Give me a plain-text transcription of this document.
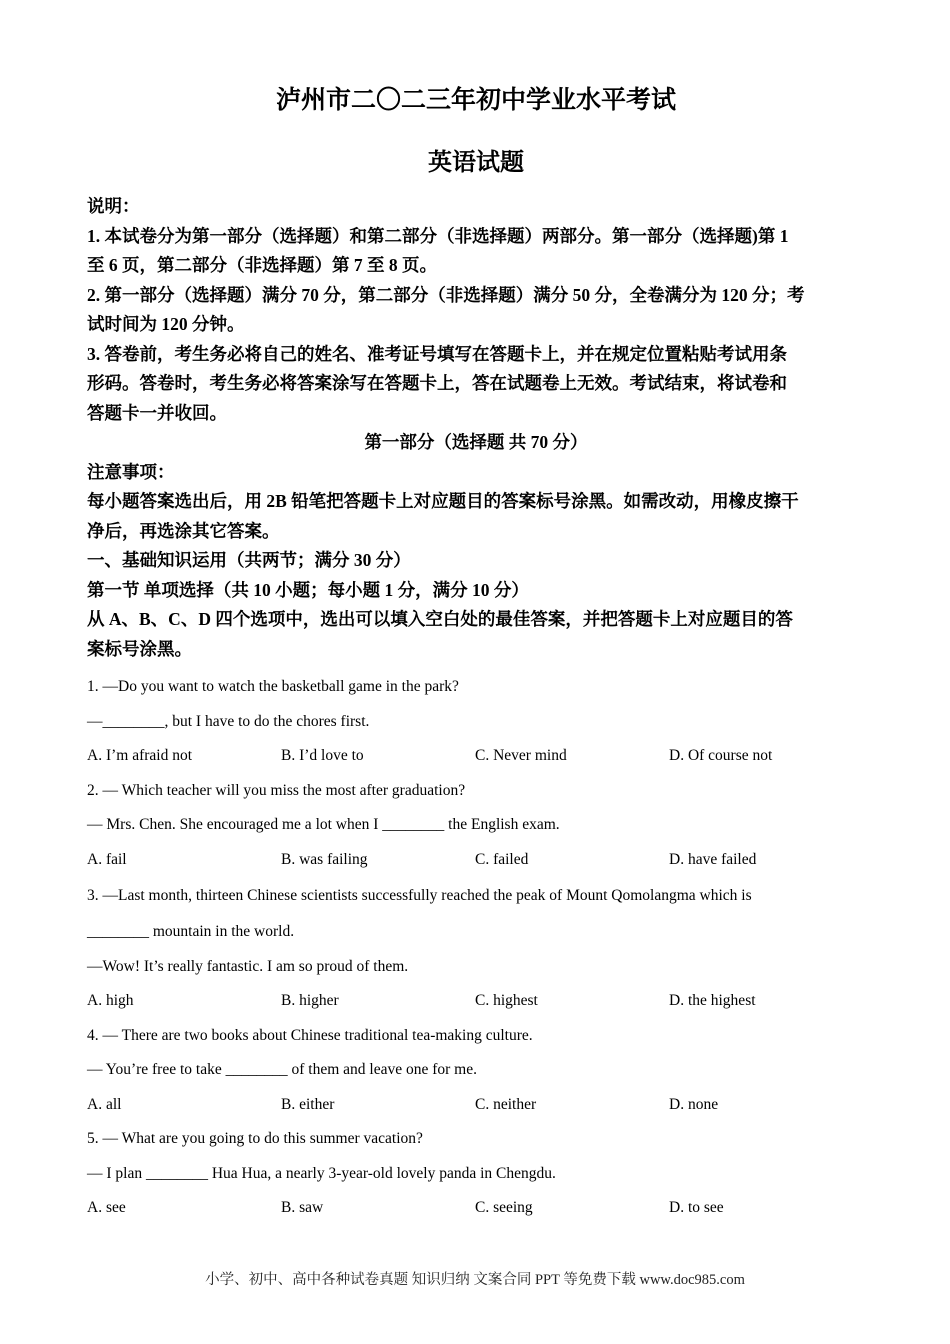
泸州市二〇二三年初中学业水平考试
英语试题
说明：
1. 本试卷分为第一部分（选择题）和第二部分（非选择题）两部分。第一部分（选择题)第 1
至 6 页，第二部分（非选择题）第 7 至 8 页。
2. 第一部分（选择题）满分 70 分，第二部分（非选择题）满分 50 分，全卷满分为 120 分；考
试时间为 120 分钟。
3. 答卷前，考生务必将自己的姓名、准考证号填写在答题卡上，并在规定位置粘贴考试用条
形码。答卷时，考生务必将答案涂写在答题卡上，答在试题卷上无效。考试结束，将试卷和
答题卡一并收回。
第一部分（选择题 共 70 分）
注意事项：
每小题答案选出后，用 2B 铅笔把答题卡上对应题目的答案标号涂黑。如需改动，用橡皮擦干
净后，再选涂其它答案。
一、基础知识运用（共两节；满分 30 分）
第一节 单项选择（共 10 小题；每小题 1 分，满分 10 分）
从 A、B、C、D 四个选项中，选出可以填入空白处的最佳答案，并把答题卡上对应题目的答
案标号涂黑。
1. —Do you want to watch the basketball game in the park?
—________, but I have to do the chores first.
A. I’m afraid not	B. I’d love to	C. Never mind	D. Of course not
2. — Which teacher will you miss the most after graduation?
— Mrs. Chen. She encouraged me a lot when I ________ the English exam.
A. fail	B. was failing	C. failed	D. have failed
3. —Last month, thirteen Chinese scientists successfully reached the peak of Mount Qomolangma which is
________ mountain in the world.
—Wow! It’s really fantastic. I am so proud of them.
A. high	B. higher	C. highest	D. the highest
4. — There are two books about Chinese traditional tea-making culture.
— You’re free to take ________ of them and leave one for me.
A. all	B. either	C. neither	D. none
5. — What are you going to do this summer vacation?
— I plan ________ Hua Hua, a nearly 3-year-old lovely panda in Chengdu.
A. see	B. saw	C. seeing	D. to see
小学、初中、高中各种试卷真题 知识归纳 文案合同 PPT 等免费下载 www.doc985.com
